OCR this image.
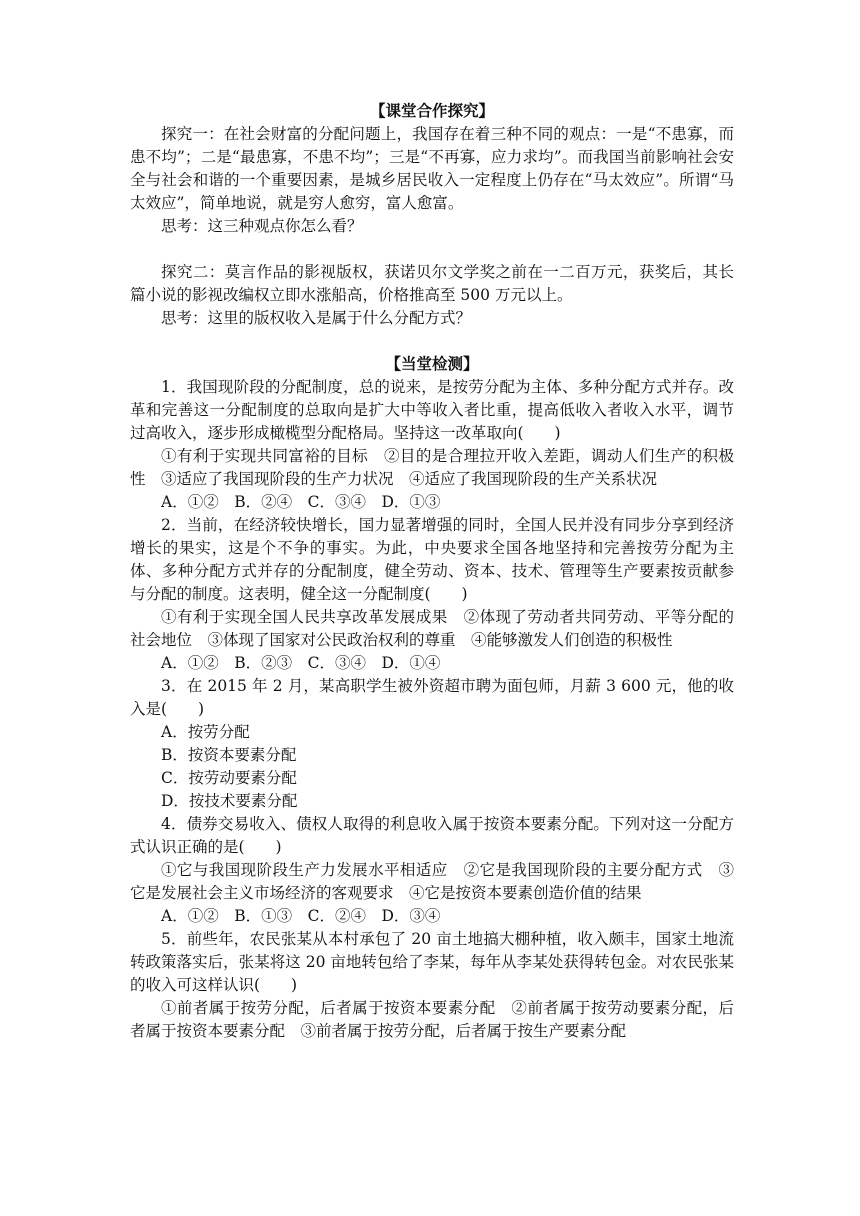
【课堂合作探究】

探究一：在社会财富的分配问题上，我国存在着三种不同的观点：一是“不患寡，而患不均”；二是“最患寡，不患不均”；三是“不再寡，应力求均”。而我国当前影响社会安全与社会和谐的一个重要因素，是城乡居民收入一定程度上仍存在“马太效应”。所谓“马太效应”，简单地说，就是穷人愈穷，富人愈富。

思考：这三种观点你怎么看？

探究二：莫言作品的影视版权，获诺贝尔文学奖之前在一二百万元，获奖后，其长篇小说的影视改编权立即水涨船高，价格推高至 500 万元以上。

思考：这里的版权收入是属于什么分配方式？

【当堂检测】

1．我国现阶段的分配制度，总的说来，是按劳分配为主体、多种分配方式并存。改革和完善这一分配制度的总取向是扩大中等收入者比重，提高低收入者收入水平，调节过高收入，逐步形成橄榄型分配格局。坚持这一改革取向(　　)

①有利于实现共同富裕的目标　②目的是合理拉开收入差距，调动人们生产的积极性　③适应了我国现阶段的生产力状况　④适应了我国现阶段的生产关系状况

A．①②　B．②④　C．③④　D．①③

2．当前，在经济较快增长，国力显著增强的同时，全国人民并没有同步分享到经济增长的果实，这是个不争的事实。为此，中央要求全国各地坚持和完善按劳分配为主体、多种分配方式并存的分配制度，健全劳动、资本、技术、管理等生产要素按贡献参与分配的制度。这表明，健全这一分配制度(　　)

①有利于实现全国人民共享改革发展成果　②体现了劳动者共同劳动、平等分配的社会地位　③体现了国家对公民政治权利的尊重　④能够激发人们创造的积极性

A．①②　B．②③　C．③④　D．①④

3．在 2015 年 2 月，某高职学生被外资超市聘为面包师，月薪 3 600 元，他的收入是(　　)

A．按劳分配

B．按资本要素分配

C．按劳动要素分配

D．按技术要素分配

4．债券交易收入、债权人取得的利息收入属于按资本要素分配。下列对这一分配方式认识正确的是(　　)

①它与我国现阶段生产力发展水平相适应　②它是我国现阶段的主要分配方式　③它是发展社会主义市场经济的客观要求　④它是按资本要素创造价值的结果

A．①②　B．①③　C．②④　D．③④

5．前些年，农民张某从本村承包了 20 亩土地搞大棚种植，收入颇丰，国家土地流转政策落实后，张某将这 20 亩地转包给了李某，每年从李某处获得转包金。对农民张某的收入可这样认识(　　)

①前者属于按劳分配，后者属于按资本要素分配　②前者属于按劳动要素分配，后者属于按资本要素分配　③前者属于按劳分配，后者属于按生产要素分配
